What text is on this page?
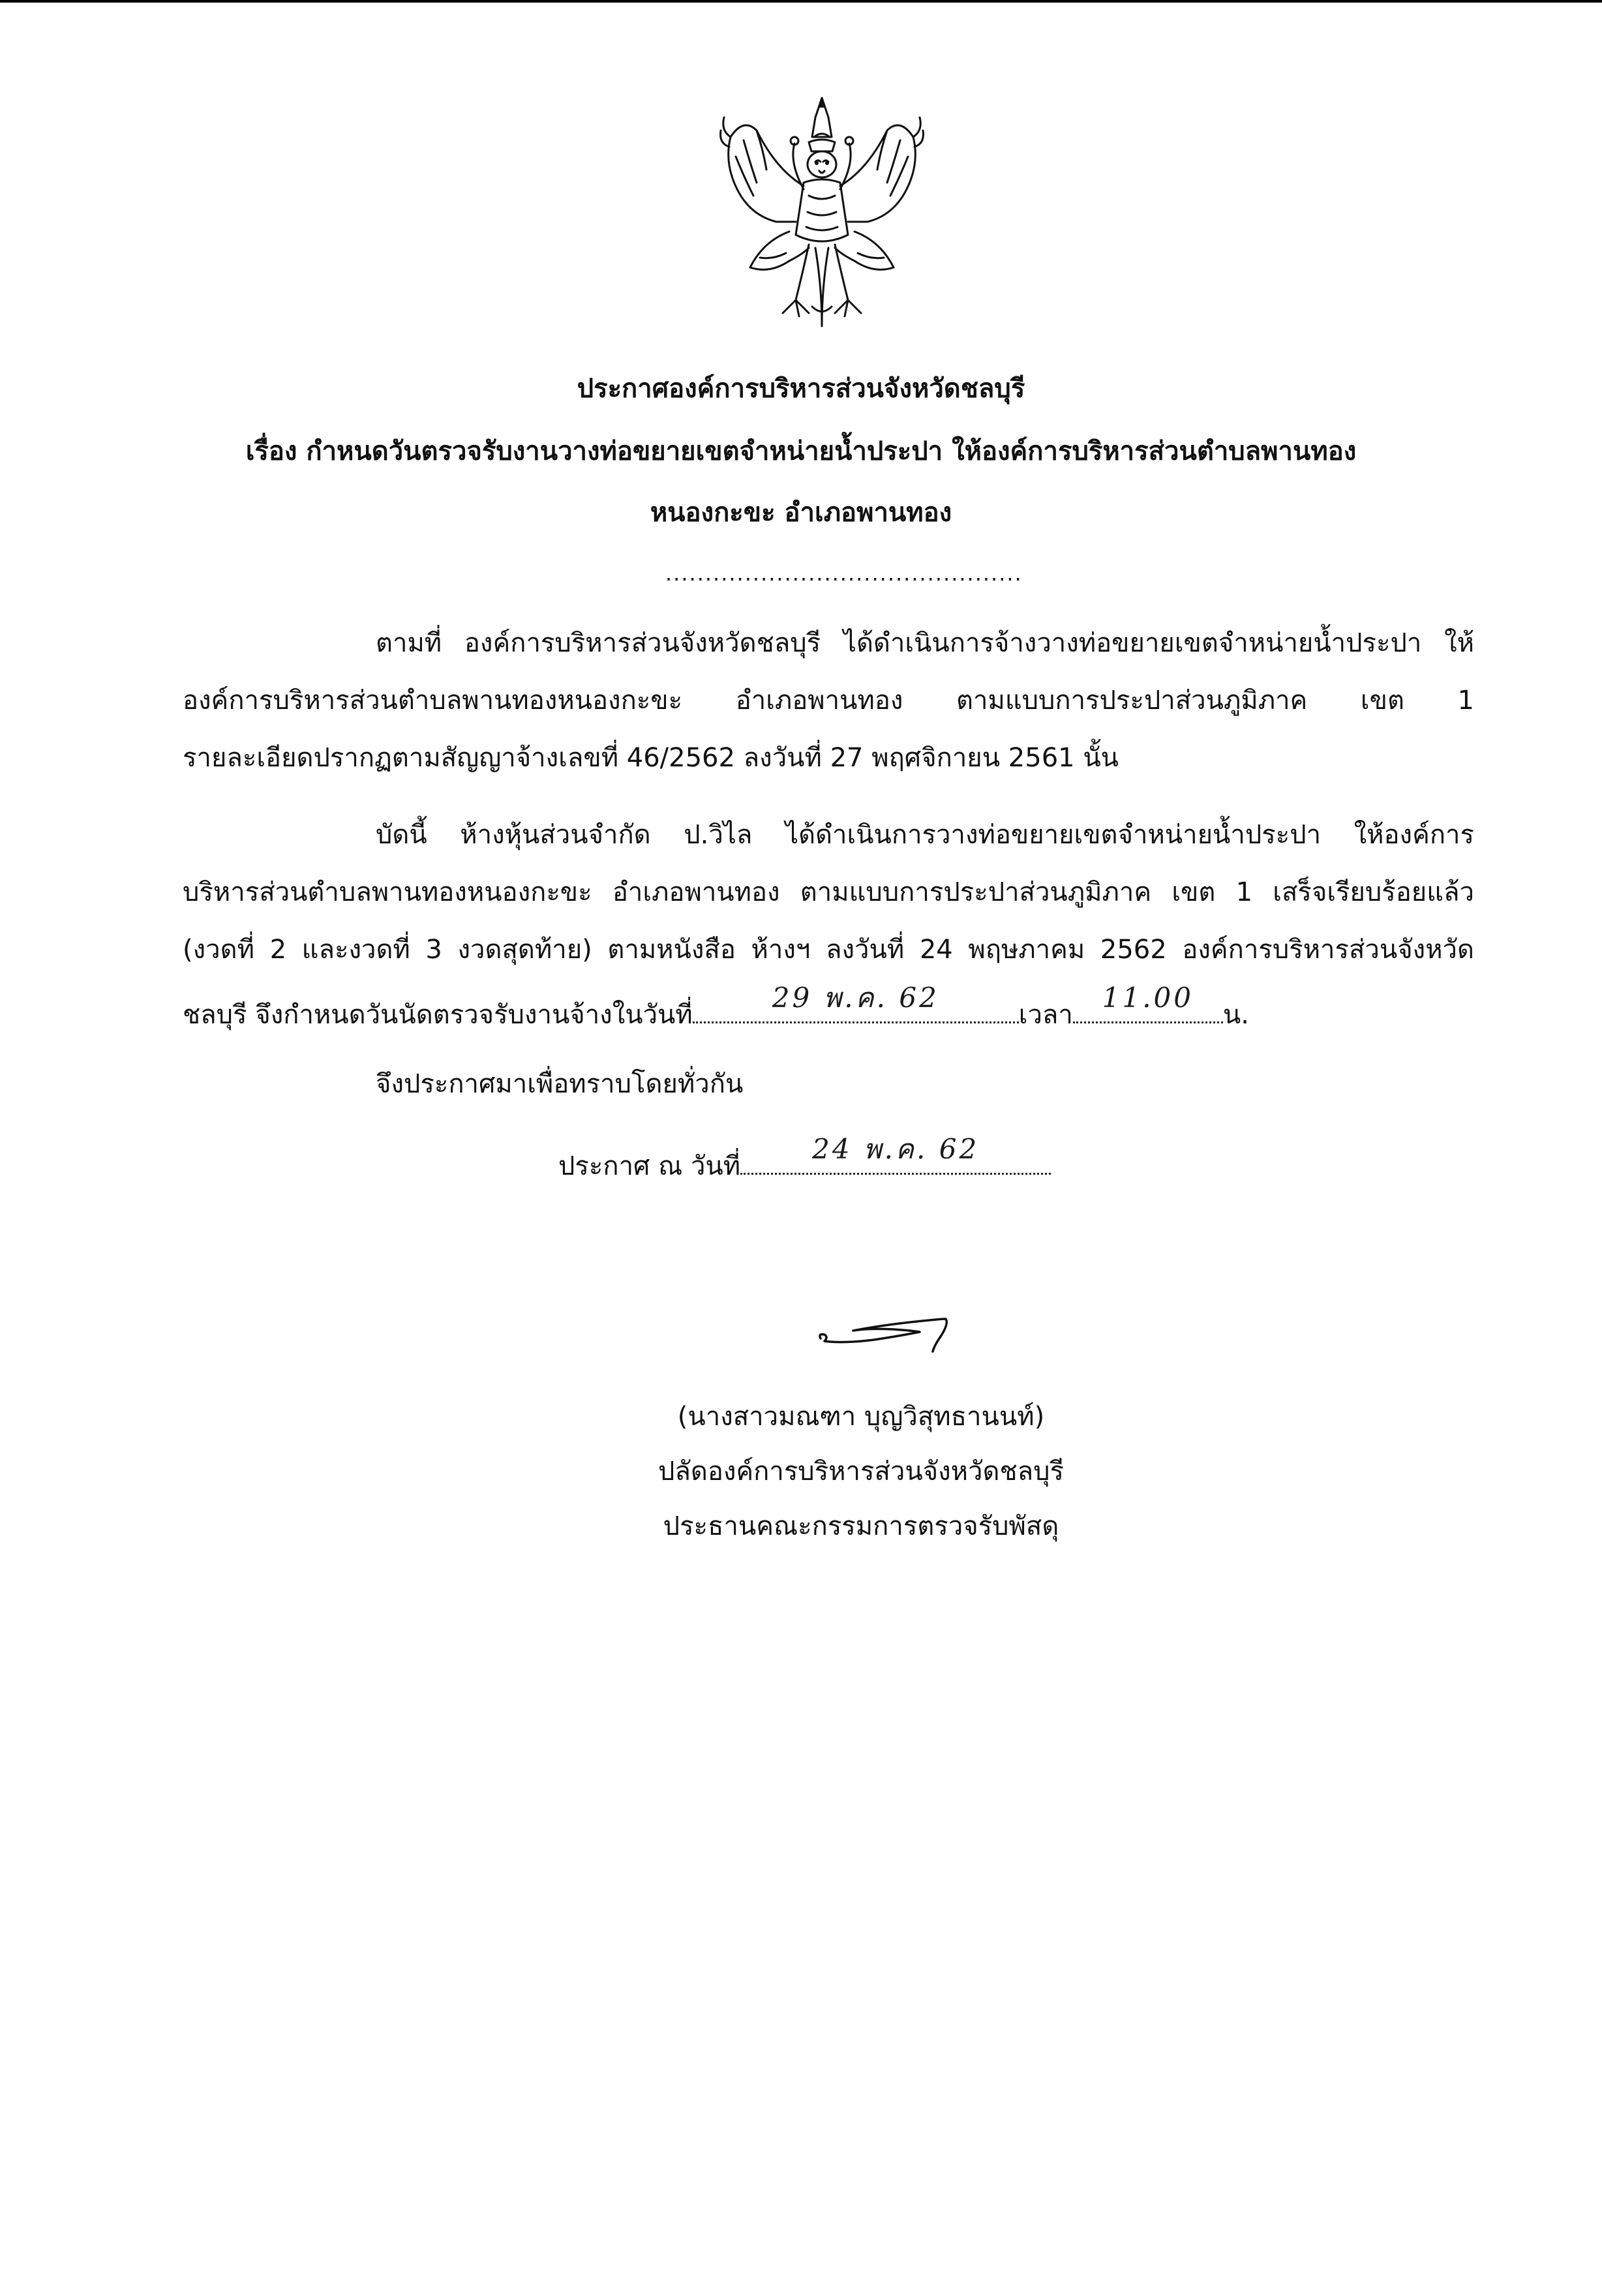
ประกาศองค์การบริหารส่วนจังหวัดชลบุรี
เรื่อง กำหนดวันตรวจรับงานวางท่อขยายเขตจำหน่ายน้ำประปา ให้องค์การบริหารส่วนตำบลพานทอง
หนองกะขะ อำเภอพานทอง
.............................................
ตามที่ องค์การบริหารส่วนจังหวัดชลบุรี ได้ดำเนินการจ้างวางท่อขยายเขตจำหน่ายน้ำประปา ให้
องค์การบริหารส่วนตำบลพานทองหนองกะขะ อำเภอพานทอง ตามแบบการประปาส่วนภูมิภาค เขต 1
รายละเอียดปรากฏตามสัญญาจ้างเลขที่ 46/2562 ลงวันที่ 27 พฤศจิกายน 2561 นั้น
บัดนี้ ห้างหุ้นส่วนจำกัด ป.วิไล ได้ดำเนินการวางท่อขยายเขตจำหน่ายน้ำประปา ให้องค์การ
บริหารส่วนตำบลพานทองหนองกะขะ อำเภอพานทอง ตามแบบการประปาส่วนภูมิภาค เขต 1 เสร็จเรียบร้อยแล้ว
(งวดที่ 2 และงวดที่ 3 งวดสุดท้าย) ตามหนังสือ ห้างฯ ลงวันที่ 24 พฤษภาคม 2562 องค์การบริหารส่วนจังหวัด
ชลบุรี จึงกำหนดวันนัดตรวจรับงานจ้างในวันที่
29 พ.ค. 62
เวลา
11.00
น.
จึงประกาศมาเพื่อทราบโดยทั่วกัน
ประกาศ ณ วันที่
24 พ.ค. 62
(นางสาวมณฑา บุญวิสุทธานนท์)
ปลัดองค์การบริหารส่วนจังหวัดชลบุรี
ประธานคณะกรรมการตรวจรับพัสดุ
